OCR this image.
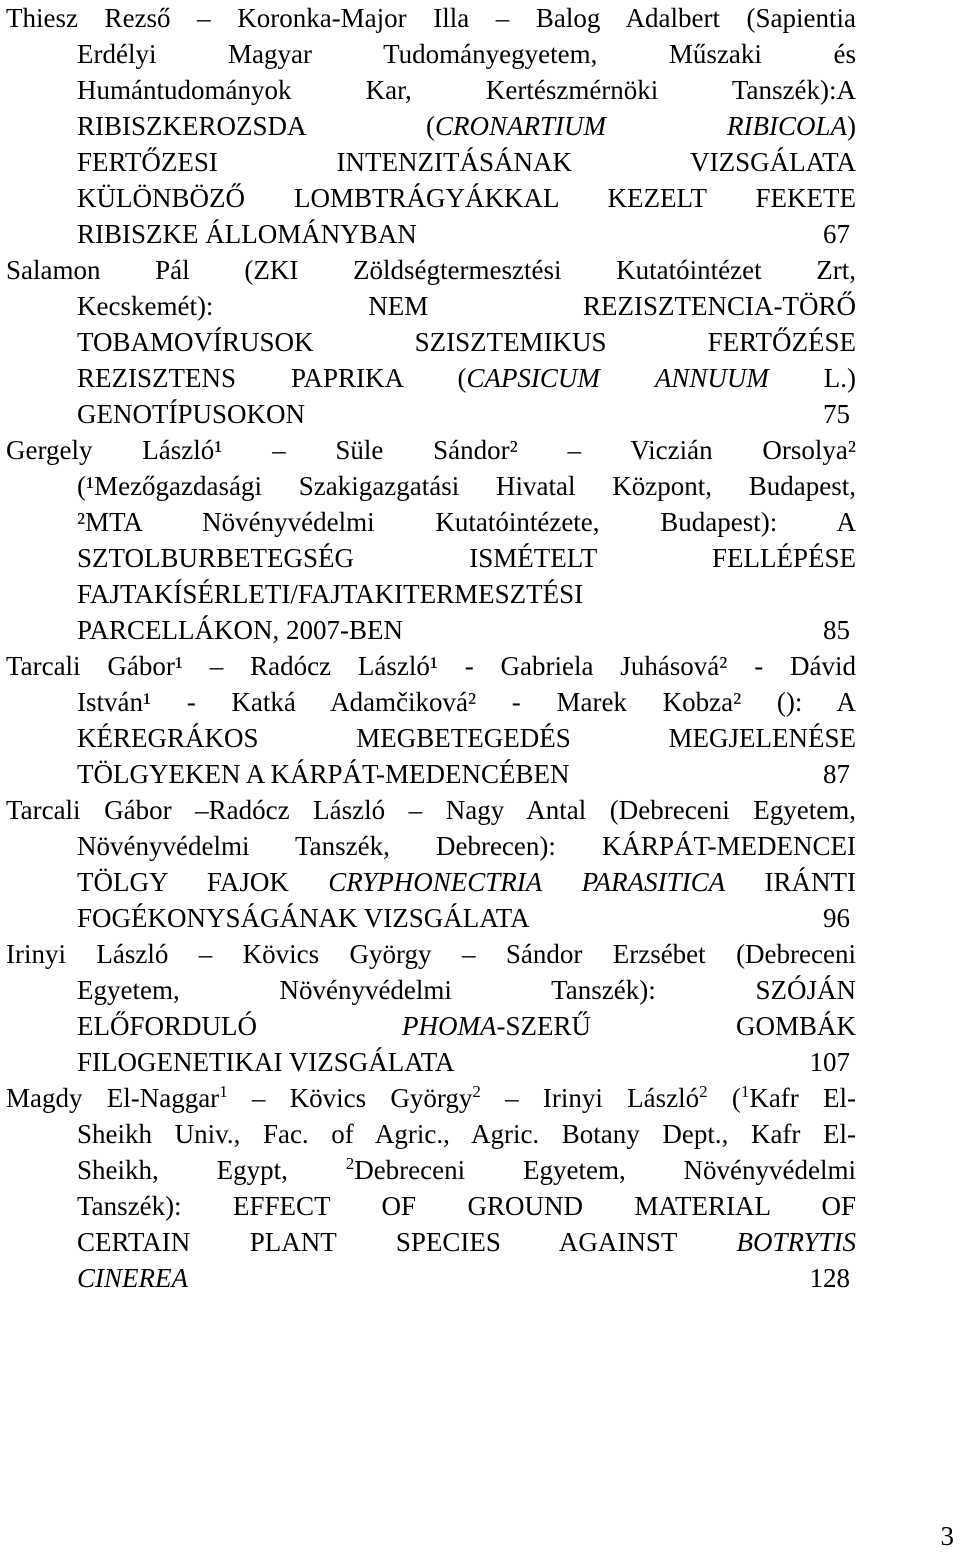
Thiesz Rezső – Koronka-Major Illa – Balog Adalbert (Sapientia
Erdélyi Magyar Tudományegyetem, Műszaki és
Humántudományok Kar, Kertészmérnöki Tanszék):A
RIBISZKEROZSDA	(CRONARTIUM	RIBICOLA)
FERTŐZESI INTENZITÁSÁNAK VIZSGÁLATA
KÜLÖNBÖZŐ LOMBTRÁGYÁKKAL KEZELT FEKETE
RIBISZKE ÁLLOMÁNYBAN	67
Salamon Pál (ZKI Zöldségtermesztési Kutatóintézet Zrt,
Kecskemét): NEM REZISZTENCIA-TÖRŐ
TOBAMOVÍRUSOK SZISZTEMIKUS FERTŐZÉSE
REZISZTENS PAPRIKA (CAPSICUM ANNUUM L.)
GENOTÍPUSOKON	75
Gergely László¹ – Süle Sándor² – Viczián Orsolya²
(¹Mezőgazdasági Szakigazgatási Hivatal Központ, Budapest,
²MTA Növényvédelmi Kutatóintézete, Budapest): A
SZTOLBURBETEGSÉG ISMÉTELT FELLÉPÉSE
FAJTAKÍSÉRLETI/FAJTAKITERMESZTÉSI
PARCELLÁKON, 2007-BEN	85
Tarcali Gábor¹ – Radócz László¹ - Gabriela Juhásová² - Dávid
István¹ - Katká Adamčiková² - Marek Kobza² (): A
KÉREGRÁKOS MEGBETEGEDÉS MEGJELENÉSE
TÖLGYEKEN A KÁRPÁT-MEDENCÉBEN	87
Tarcali Gábor –Radócz László – Nagy Antal (Debreceni Egyetem,
Növényvédelmi Tanszék, Debrecen): KÁRPÁT-MEDENCEI
TÖLGY FAJOK CRYPHONECTRIA PARASITICA IRÁNTI
FOGÉKONYSÁGÁNAK VIZSGÁLATA	96
Irinyi László – Kövics György – Sándor Erzsébet (Debreceni
Egyetem, Növényvédelmi Tanszék): SZÓJÁN
ELŐFORDULÓ	PHOMA-SZERŰ	GOMBÁK
FILOGENETIKAI VIZSGÁLATA	107
Magdy El-Naggar$^1$ – Kövics György$^2$ – Irinyi László$^2$ ($^1$Kafr El-
Sheikh Univ., Fac. of Agric., Agric. Botany Dept., Kafr El-
Sheikh, Egypt,	$^2$Debreceni Egyetem, Növényvédelmi
Tanszék): EFFECT OF GROUND MATERIAL OF
CERTAIN PLANT SPECIES AGAINST BOTRYTIS
CINEREA	128
3
